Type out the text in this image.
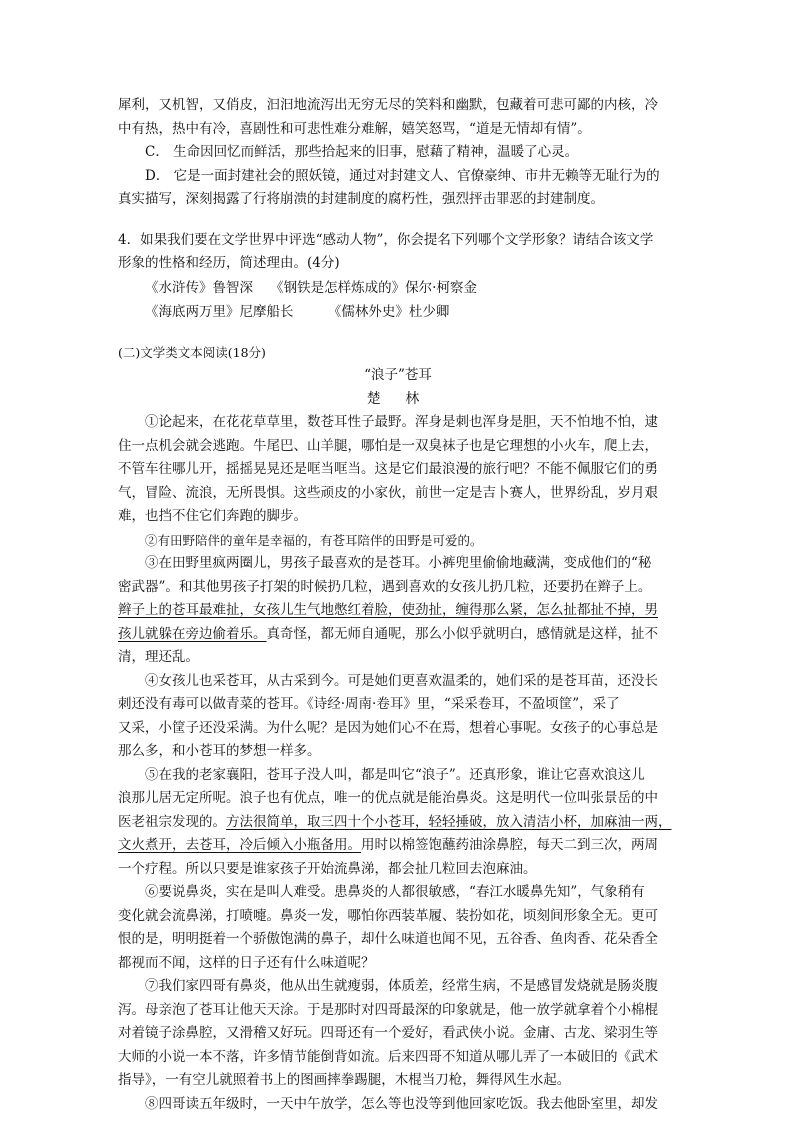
犀利，又机智，又俏皮，汩汩地流泻出无穷无尽的笑料和幽默，包藏着可悲可鄙的内核，冷
中有热，热中有冷，喜剧性和可悲性难分难解，嬉笑怒骂，“道是无情却有情”。
C． 生命因回忆而鲜活，那些拾起来的旧事，慰藉了精神，温暖了心灵。
D． 它是一面封建社会的照妖镜，通过对封建文人、官僚豪绅、市井无赖等无耻行为的
真实描写，深刻揭露了行将崩溃的封建制度的腐朽性，强烈抨击罪恶的封建制度。
4．如果我们要在文学世界中评选“感动人物”，你会提名下列哪个文学形象？请结合该文学
形象的性格和经历，简述理由。(4分)
《水浒传》鲁智深    《钢铁是怎样炼成的》保尔·柯察金
《海底两万里》尼摩船长        《儒林外史》杜少卿
(二)文学类文本阅读(18分)
“浪子”苍耳
楚 林
①论起来，在花花草草里，数苍耳性子最野。浑身是刺也浑身是胆，天不怕地不怕，逮
住一点机会就会逃跑。牛尾巴、山羊腿，哪怕是一双臭袜子也是它理想的小火车，爬上去，
不管车往哪儿开，摇摇晃晃还是哐当哐当。这是它们最浪漫的旅行吧？不能不佩服它们的勇
气，冒险、流浪，无所畏惧。这些顽皮的小家伙，前世一定是吉卜赛人，世界纷乱，岁月艰
难，也挡不住它们奔跑的脚步。
②有田野陪伴的童年是幸福的，有苍耳陪伴的田野是可爱的。
③在田野里疯两圈儿，男孩子最喜欢的是苍耳。小裤兜里偷偷地藏满，变成他们的“秘
密武器”。和其他男孩子打架的时候扔几粒，遇到喜欢的女孩儿扔几粒，还要扔在辫子上。
辫子上的苍耳最难扯，女孩儿生气地憋红着脸，使劲扯，缠得那么紧，怎么扯都扯不掉，男
孩儿就躲在旁边偷着乐。真奇怪，都无师自通呢，那么小似乎就明白，感情就是这样，扯不
清，理还乱。
④女孩儿也采苍耳，从古采到今。可是她们更喜欢温柔的，她们采的是苍耳苗，还没长
刺还没有毒可以做青菜的苍耳。《诗经·周南·卷耳》里，“采采卷耳，不盈顷筐”，采了
又采，小筐子还没采满。为什么呢？是因为她们心不在焉，想着心事呢。女孩子的心事总是
那么多，和小苍耳的梦想一样多。
⑤在我的老家襄阳，苍耳子没人叫，都是叫它“浪子”。还真形象，谁让它喜欢浪这儿
浪那儿居无定所呢。浪子也有优点，唯一的优点就是能治鼻炎。这是明代一位叫张景岳的中
医老祖宗发现的。方法很简单，取三四十个小苍耳，轻轻捶破，放入清洁小杯，加麻油一两，
文火煮开，去苍耳，冷后倾入小瓶备用。用时以棉签饱蘸药油涂鼻腔，每天二到三次，两周
一个疗程。所以只要是谁家孩子开始流鼻涕，都会扯几粒回去泡麻油。
⑥要说鼻炎，实在是叫人难受。患鼻炎的人都很敏感，“春江水暖鼻先知”，气象稍有
变化就会流鼻涕，打喷嚏。鼻炎一发，哪怕你西装革履、装扮如花，顷刻间形象全无。更可
恨的是，明明挺着一个骄傲饱满的鼻子，却什么味道也闻不见，五谷香、鱼肉香、花朵香全
都视而不闻，这样的日子还有什么味道呢？
⑦我们家四哥有鼻炎，他从出生就瘦弱，体质差，经常生病，不是感冒发烧就是肠炎腹
泻。母亲泡了苍耳让他天天涂。于是那时对四哥最深的印象就是，他一放学就拿着个小棉棍
对着镜子涂鼻腔，又滑稽又好玩。四哥还有一个爱好，看武侠小说。金庸、古龙、梁羽生等
大师的小说一本不落，许多情节能倒背如流。后来四哥不知道从哪儿弄了一本破旧的《武术
指导》，一有空儿就照着书上的图画摔拳踢腿，木棍当刀枪，舞得风生水起。
⑧四哥读五年级时，一天中午放学，怎么等也没等到他回家吃饭。我去他卧室里，却发
